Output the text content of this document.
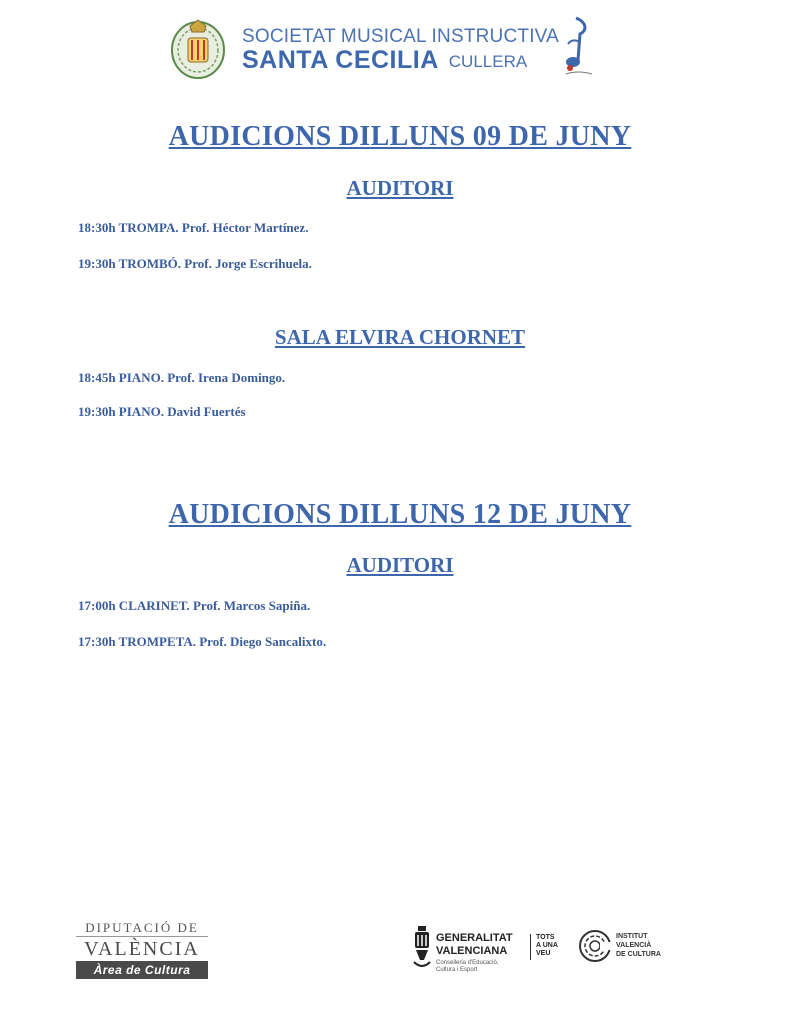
SOCIETAT MUSICAL INSTRUCTIVA
SANTA CECILIA CULLERA
AUDICIONS DILLUNS 09 DE JUNY
AUDITORI
18:30h TROMPA. Prof. Héctor Martínez.
19:30h TROMBÓ. Prof. Jorge Escrihuela.
SALA ELVIRA CHORNET
18:45h PIANO. Prof. Irena Domingo.
19:30h PIANO. David Fuertés
AUDICIONS DILLUNS 12 DE JUNY
AUDITORI
17:00h CLARINET. Prof. Marcos Sapiña.
17:30h TROMPETA. Prof. Diego Sancalixto.
DIPUTACIÓ DE
VALÈNCIA
Àrea de Cultura
GENERALITAT
VALENCIANA
Conselleria d'Educació,
Cultura i Esport
TOTS
A UNA
VEU
INSTITUT
VALENCIÀ
DE CULTURA
